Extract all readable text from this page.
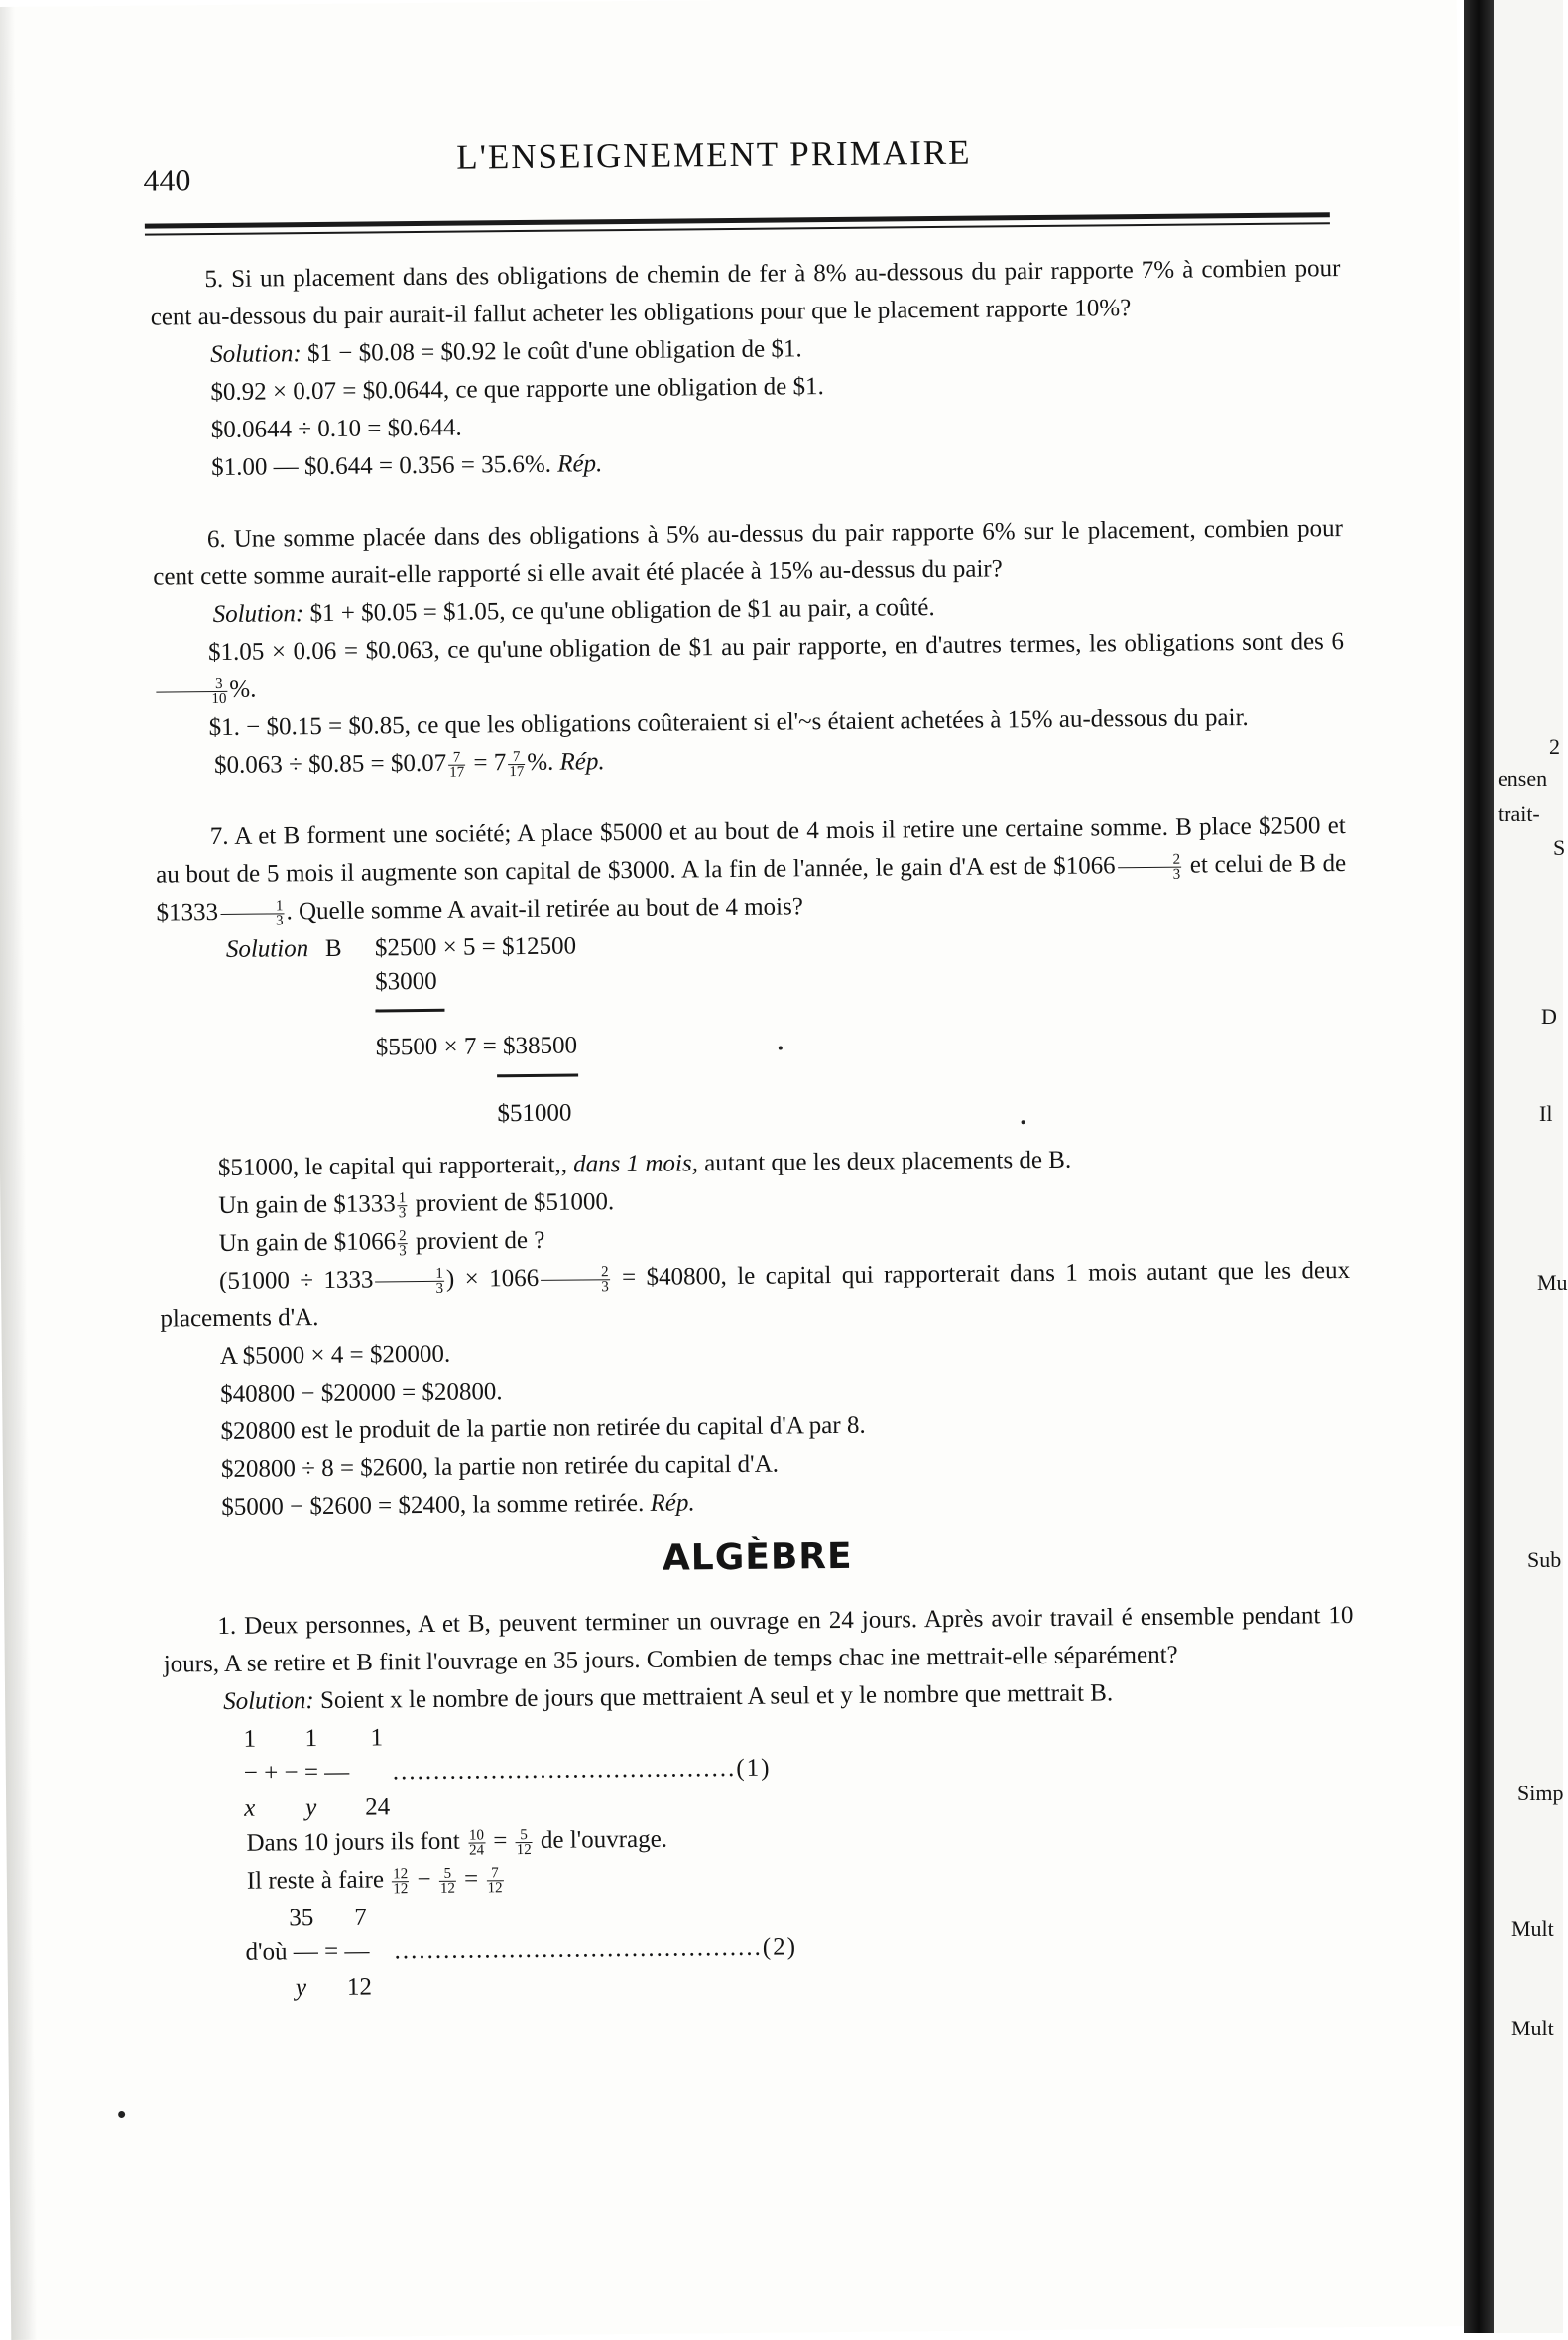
440
L'ENSEIGNEMENT PRIMAIRE

5. Si un placement dans des obligations de chemin de fer à 8% au-dessous du pair rapporte 7% à combien pour cent au-dessous du pair aurait-il fallut acheter les obligations pour que le placement rapporte 10%?

Solution: $1 − $0.08 = $0.92 le coût d'une obligation de $1.

$0.92 × 0.07 = $0.0644, ce que rapporte une obligation de $1.

$0.0644 ÷ 0.10 = $0.644.

$1.00 — $0.644 = 0.356 = 35.6%. Rép.

6. Une somme placée dans des obligations à 5% au-dessus du pair rapporte 6% sur le placement, combien pour cent cette somme aurait-elle rapporté si elle avait été placée à 15% au-dessus du pair?

Solution: $1 + $0.05 = $1.05, ce qu'une obligation de $1 au pair, a coûté.

$1.05 × 0.06 = $0.063, ce qu'une obligation de $1 au pair rapporte, en d'autres termes, les obligations sont des 6
$\frac{3}{10}$ %.

$1. − $0.15 = $0.85, ce que les obligations coûteraient si el'~s étaient achetées à 15% au-dessous du pair.

$0.063 ÷ $0.85 = $0.07 $\frac{7}{17} = 7 \frac{7}{17}$ %. Rép.

7. A et B forment une société; A place $5000 et au bout de 4 mois il retire une certaine somme. B place $2500 et au bout de 5 mois il augmente son capital de $3000. A la fin de l'année, le gain d'A est de $1066 $\frac{2}{3}$ et celui de B de $1333 $\frac{1}{3}$ . Quelle somme A avait-il retirée au bout de 4 mois?

Solution B $2500 × 5 = $12500
$3000
$5500 × 7 = $38500
$51000

$51000, le capital qui rapporterait,, dans 1 mois, autant que les deux placements de B.

Un gain de $1333 $\frac{1}{3}$ provient de $51000.

Un gain de $1066 $\frac{2}{3}$ provient de ?

($51000 \div 1333 \frac{1}{3}$ ) × $1066 \frac{2}{3}$ = $40800, le capital qui rapporterait dans 1 mois autant que les deux placements d'A.

A $5000 × 4 = $20000.

$40800 − $20000 = $20800.

$20800 est le produit de la partie non retirée du capital d'A par 8.

$20800 ÷ 8 = $2600, la partie non retirée du capital d'A.

$5000 − $2600 = $2400, la somme retirée. Rép.

ALGÈBRE

1. Deux personnes, A et B, peuvent terminer un ouvrage en 24 jours. Après avoir travail é ensemble pendant 10 jours, A se retire et B finit l'ouvrage en 35 jours. Combien de temps chac ine mettrait-elle séparément?

Solution: Soient x le nombre de jours que mettraient A seul et y le nombre que mettrait B.

1 1 1
− + − = — ..........................................(1)
x y 24

Dans 10 jours ils font $\frac{10}{24} = \frac{5}{12}$ de l'ouvrage.

Il reste à faire $\frac{12}{12} - \frac{5}{12} = \frac{7}{12}$

35 7
d'où — = — .............................................(2)
y 12
2
ensen
trait-
S
D
Il
Mu
Sub
Simp
Mult
Mult
